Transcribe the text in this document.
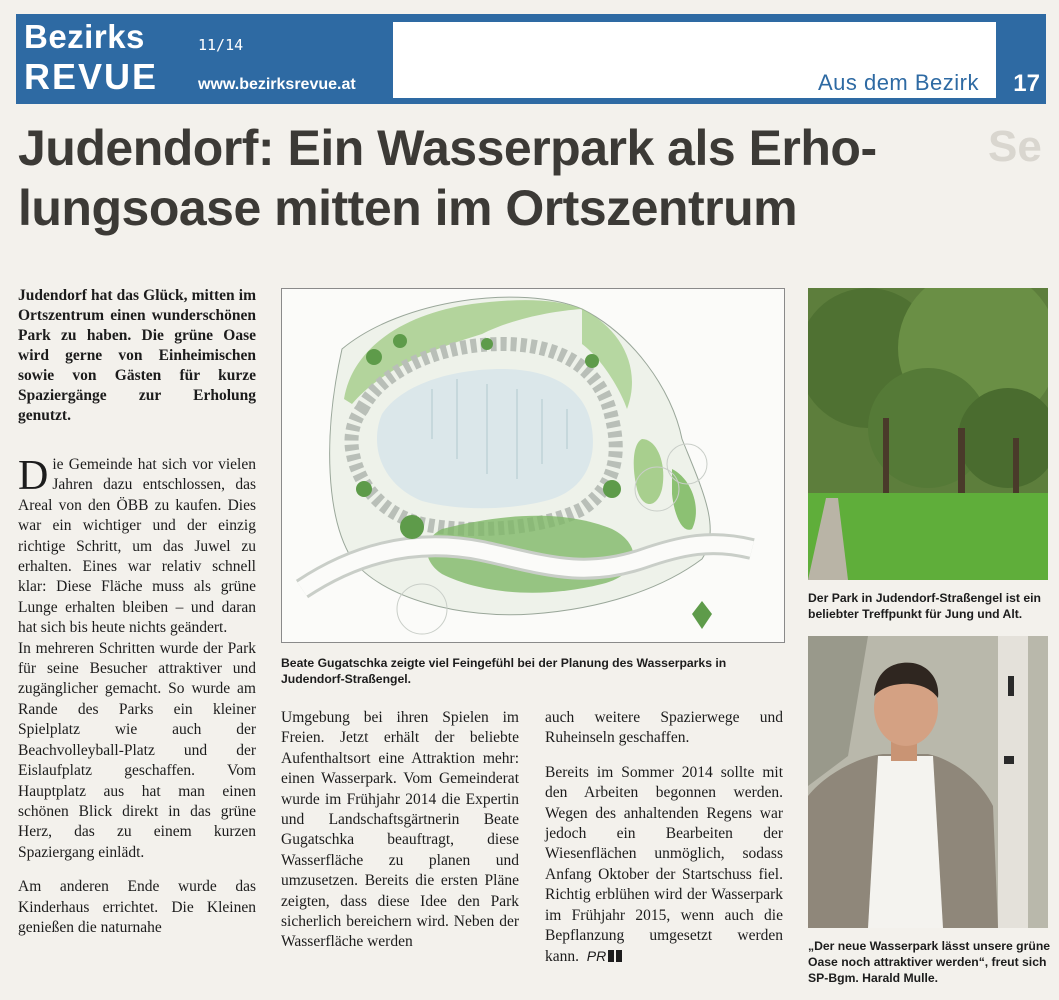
Bezirks
REVUE
11/14
www.bezirksrevue.at	Aus dem Bezirk 17
Se
Judendorf: Ein Wasserpark als Erho-
lungsoase mitten im Ortszentrum
Judendorf hat das Glück, mitten im Ortszentrum einen wunderschönen Park zu haben. Die grüne Oase wird gerne von Einheimischen sowie von Gästen für kurze Spaziergänge zur Erholung genutzt.

Die Gemeinde hat sich vor vielen Jahren dazu entschlossen, das Areal von den ÖBB zu kaufen. Dies war ein wichtiger und der einzig richtige Schritt, um das Juwel zu erhalten. Eines war relativ schnell klar: Diese Fläche muss als grüne Lunge erhalten bleiben – und daran hat sich bis heute nichts geändert.

In mehreren Schritten wurde der Park für seine Besucher attraktiver und zugänglicher gemacht. So wurde am Rande des Parks ein kleiner Spielplatz wie auch der Beachvolleyball-Platz und der Eislaufplatz geschaffen. Vom Hauptplatz aus hat man einen schönen Blick direkt in das grüne Herz, das zu einem kurzen Spaziergang einlädt.

Am anderen Ende wurde das Kinderhaus errichtet. Die Kleinen genießen die naturnahe

Beate Gugatschka zeigte viel Feingefühl bei der Planung des Wasserparks in Judendorf-Straßengel.
Der Park in Judendorf-Straßengel ist ein beliebter Treffpunkt für Jung und Alt.
„Der neue Wasserpark lässt unsere grüne Oase noch attraktiver werden“, freut sich SP-Bgm. Harald Mulle.

Umgebung bei ihren Spielen im Freien. Jetzt erhält der beliebte Aufenthaltsort eine Attraktion mehr: einen Wasserpark. Vom Gemeinderat wurde im Frühjahr 2014 die Expertin und Landschaftsgärtnerin Beate Gugatschka beauftragt, diese Wasserfläche zu planen und umzusetzen. Bereits die ersten Pläne zeigten, dass diese Idee den Park sicherlich bereichern wird. Neben der Wasserfläche werden

auch weitere Spazierwege und Ruheinseln geschaffen.

Bereits im Sommer 2014 sollte mit den Arbeiten begonnen werden. Wegen des anhaltenden Regens war jedoch ein Bearbeiten der Wiesenflächen unmöglich, sodass Anfang Oktober der Startschuss fiel. Richtig erblühen wird der Wasserpark im Frühjahr 2015, wenn auch die Bepflanzung umgesetzt werden kann. PR
